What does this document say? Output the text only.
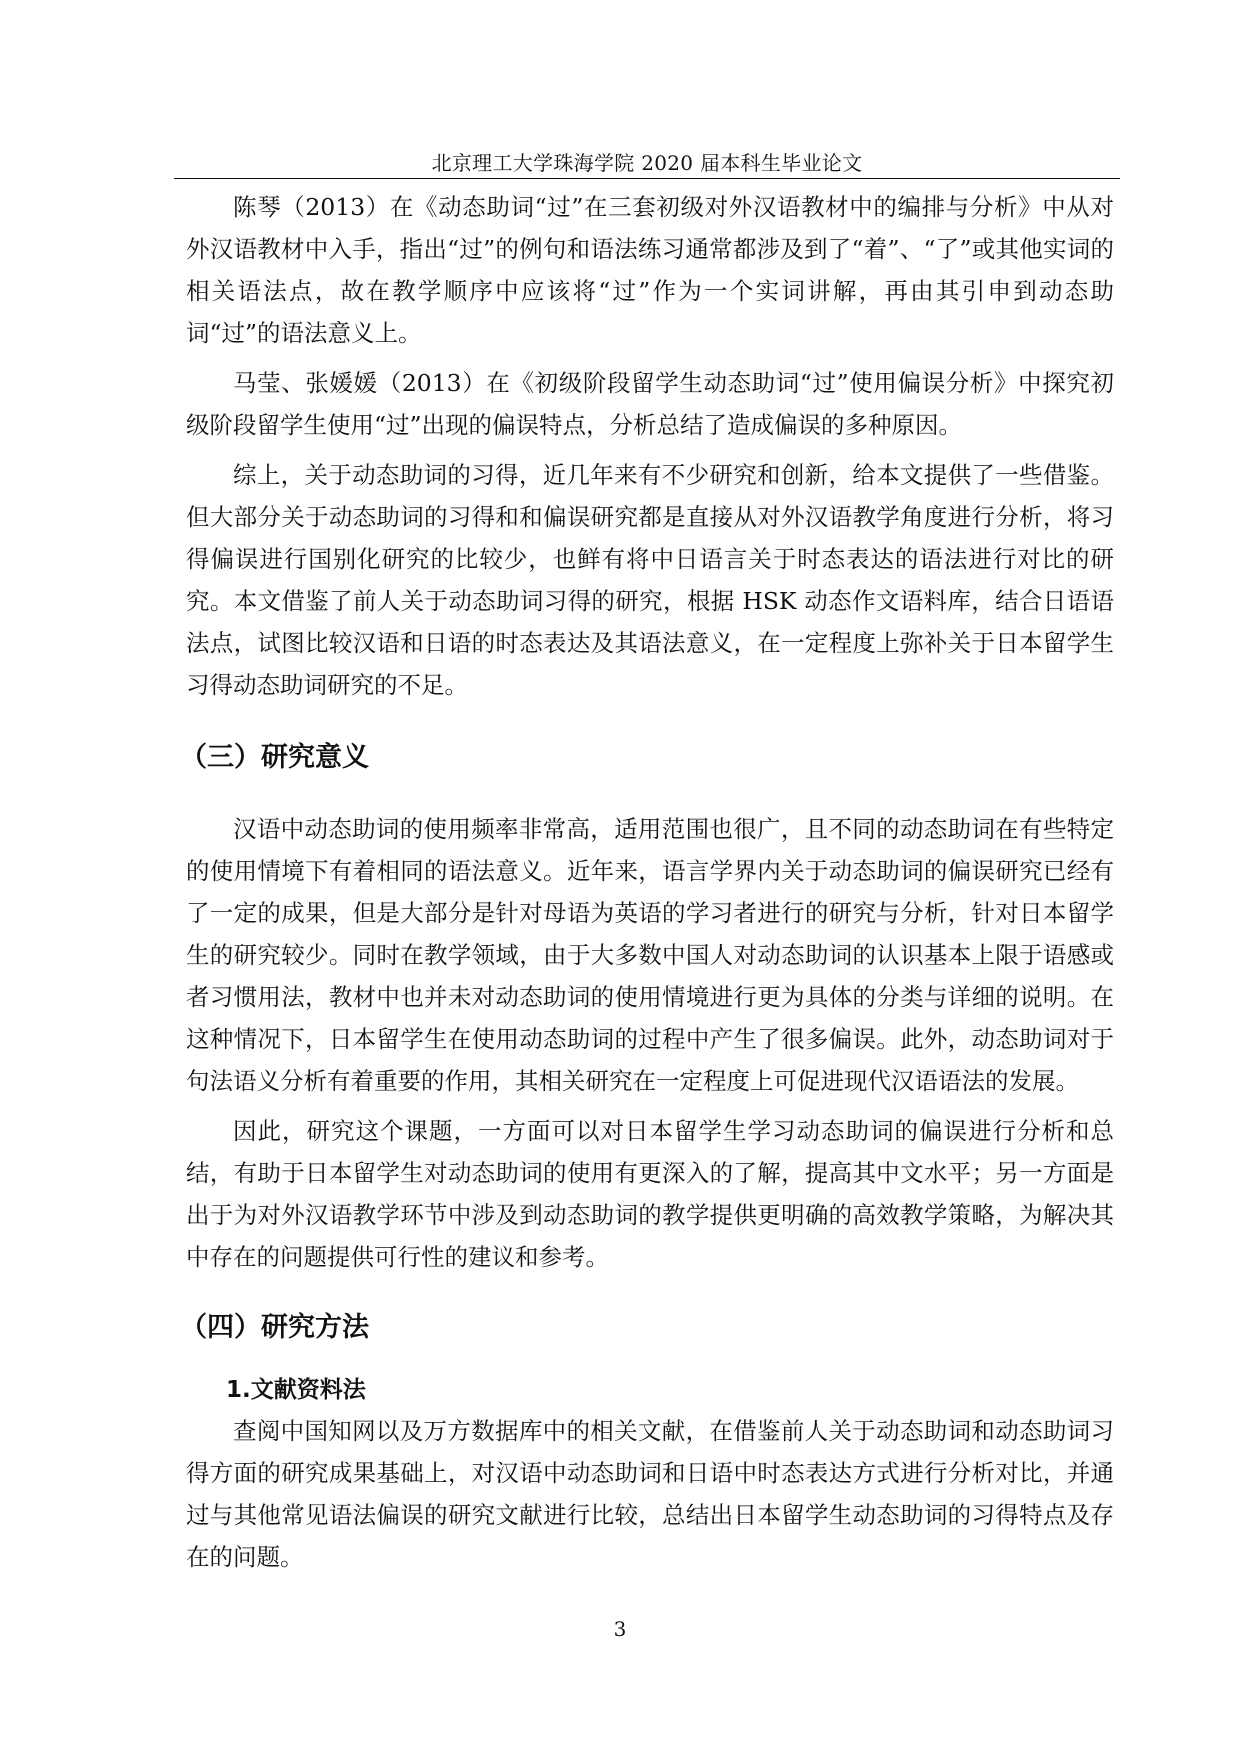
北京理工大学珠海学院 2020 届本科生毕业论文

陈琴（2013）在《动态助词“过”在三套初级对外汉语教材中的编排与分析》中从对外汉语教材中入手，指出“过”的例句和语法练习通常都涉及到了“着”、“了”或其他实词的相关语法点，故在教学顺序中应该将“过”作为一个实词讲解，再由其引申到动态助词“过”的语法意义上。

马莹、张媛媛（2013）在《初级阶段留学生动态助词“过”使用偏误分析》中探究初级阶段留学生使用“过”出现的偏误特点，分析总结了造成偏误的多种原因。

综上，关于动态助词的习得，近几年来有不少研究和创新，给本文提供了一些借鉴。但大部分关于动态助词的习得和和偏误研究都是直接从对外汉语教学角度进行分析，将习得偏误进行国别化研究的比较少，也鲜有将中日语言关于时态表达的语法进行对比的研究。本文借鉴了前人关于动态助词习得的研究，根据 HSK 动态作文语料库，结合日语语法点，试图比较汉语和日语的时态表达及其语法意义，在一定程度上弥补关于日本留学生习得动态助词研究的不足。

（三）研究意义

汉语中动态助词的使用频率非常高，适用范围也很广，且不同的动态助词在有些特定的使用情境下有着相同的语法意义。近年来，语言学界内关于动态助词的偏误研究已经有了一定的成果，但是大部分是针对母语为英语的学习者进行的研究与分析，针对日本留学生的研究较少。同时在教学领域，由于大多数中国人对动态助词的认识基本上限于语感或者习惯用法，教材中也并未对动态助词的使用情境进行更为具体的分类与详细的说明。在这种情况下，日本留学生在使用动态助词的过程中产生了很多偏误。此外，动态助词对于句法语义分析有着重要的作用，其相关研究在一定程度上可促进现代汉语语法的发展。

因此，研究这个课题，一方面可以对日本留学生学习动态助词的偏误进行分析和总结，有助于日本留学生对动态助词的使用有更深入的了解，提高其中文水平；另一方面是出于为对外汉语教学环节中涉及到动态助词的教学提供更明确的高效教学策略，为解决其中存在的问题提供可行性的建议和参考。

（四）研究方法
1.文献资料法

查阅中国知网以及万方数据库中的相关文献，在借鉴前人关于动态助词和动态助词习得方面的研究成果基础上，对汉语中动态助词和日语中时态表达方式进行分析对比，并通过与其他常见语法偏误的研究文献进行比较，总结出日本留学生动态助词的习得特点及存在的问题。

3
